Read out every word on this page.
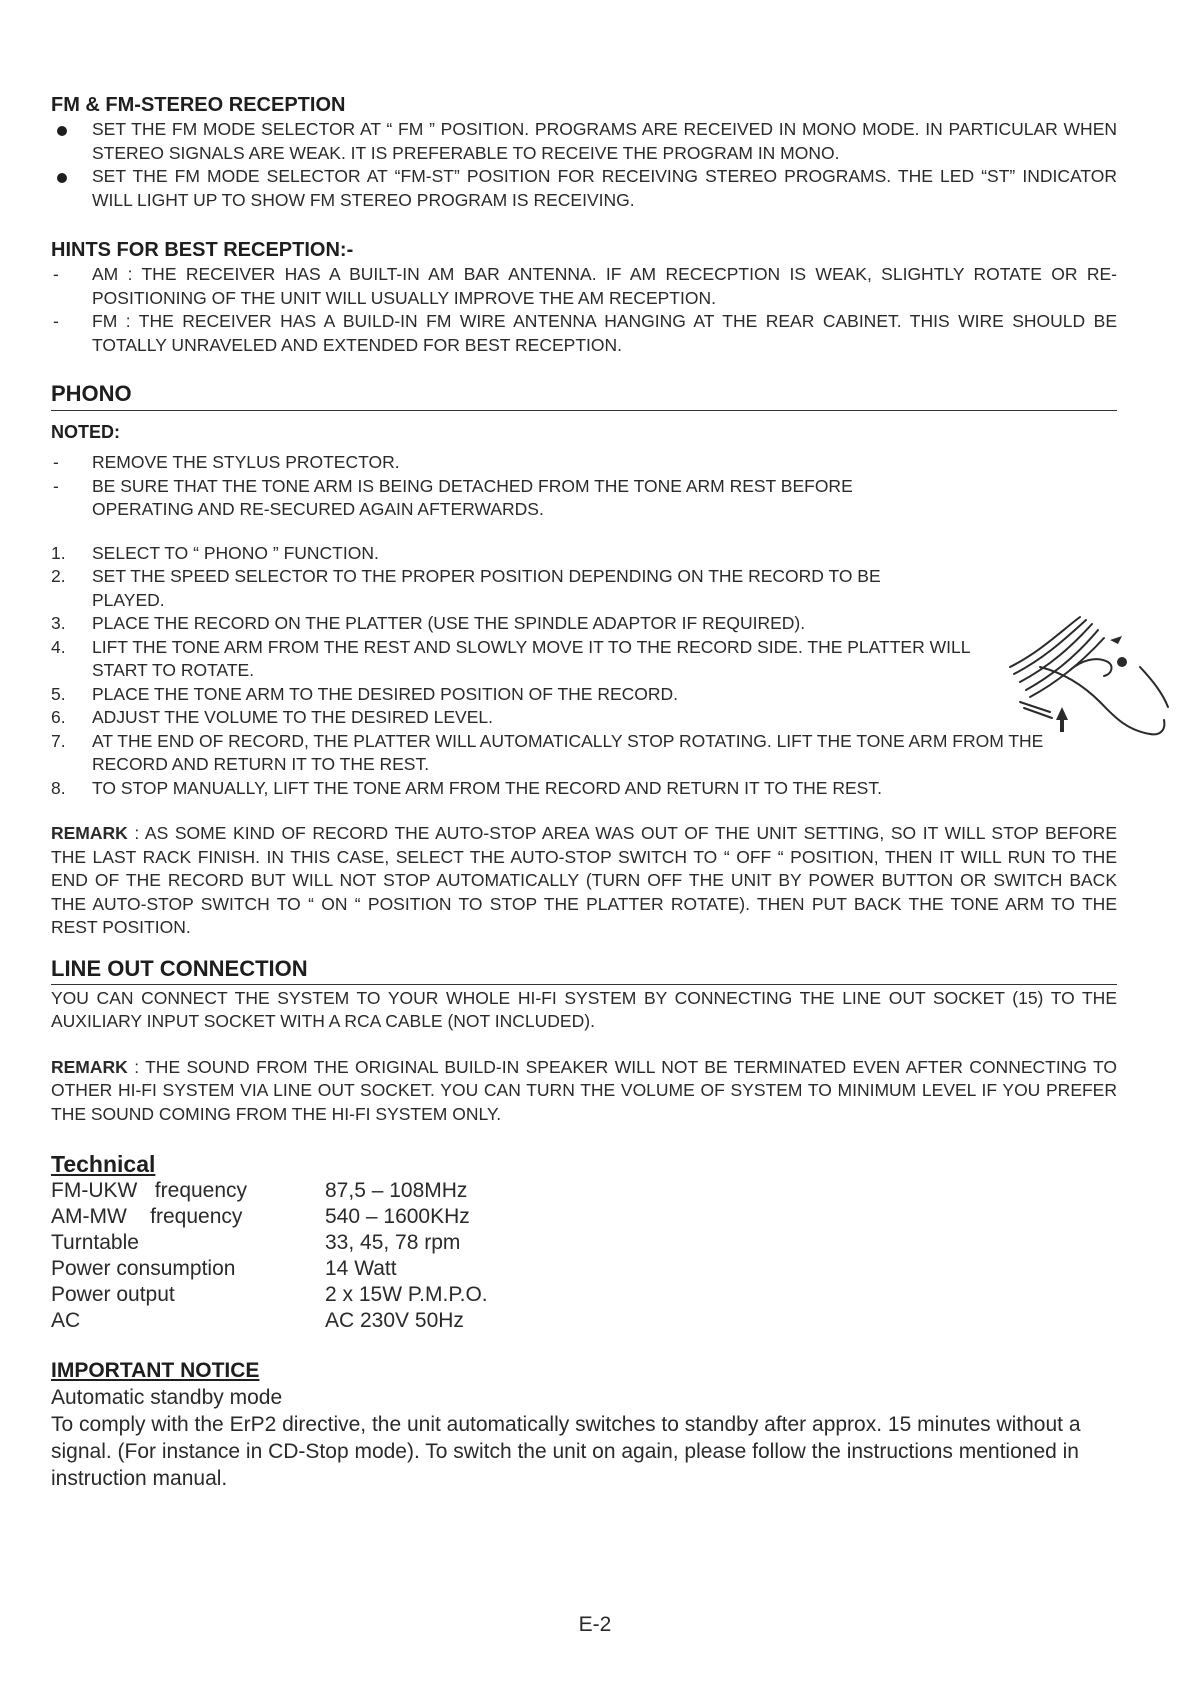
FM & FM-STEREO RECEPTION
SET THE FM MODE SELECTOR AT “ FM ” POSITION. PROGRAMS ARE RECEIVED IN MONO MODE. IN PARTICULAR WHEN STEREO SIGNALS ARE WEAK. IT IS PREFERABLE TO RECEIVE THE PROGRAM IN MONO.
SET THE FM MODE SELECTOR AT “FM-ST” POSITION FOR RECEIVING STEREO PROGRAMS. THE LED “ST” INDICATOR WILL LIGHT UP TO SHOW FM STEREO PROGRAM IS RECEIVING.
HINTS FOR BEST RECEPTION:-
-	AM : THE RECEIVER HAS A BUILT-IN AM BAR ANTENNA. IF AM RECECPTION IS WEAK, SLIGHTLY ROTATE OR RE-POSITIONING OF THE UNIT WILL USUALLY IMPROVE THE AM RECEPTION.
-	FM : THE RECEIVER HAS A BUILD-IN FM WIRE ANTENNA HANGING AT THE REAR CABINET. THIS WIRE SHOULD BE TOTALLY UNRAVELED AND EXTENDED FOR BEST RECEPTION.
PHONO
NOTED:
-	REMOVE THE STYLUS PROTECTOR.
-	BE SURE THAT THE TONE ARM IS BEING DETACHED FROM THE TONE ARM REST BEFORE OPERATING AND RE-SECURED AGAIN AFTERWARDS.
1.	SELECT TO “ PHONO ” FUNCTION.
2.	SET THE SPEED SELECTOR TO THE PROPER POSITION DEPENDING ON THE RECORD TO BE PLAYED.
3.	PLACE THE RECORD ON THE PLATTER (USE THE SPINDLE ADAPTOR IF REQUIRED).
4.	LIFT THE TONE ARM FROM THE REST AND SLOWLY MOVE IT TO THE RECORD SIDE. THE PLATTER WILL START TO ROTATE.
5.	PLACE THE TONE ARM TO THE DESIRED POSITION OF THE RECORD.
6.	ADJUST THE VOLUME TO THE DESIRED LEVEL.
7.	AT THE END OF RECORD, THE PLATTER WILL AUTOMATICALLY STOP ROTATING. LIFT THE TONE ARM FROM THE RECORD AND RETURN IT TO THE REST.
8.	TO STOP MANUALLY, LIFT THE TONE ARM FROM THE RECORD AND RETURN IT TO THE REST.

REMARK : AS SOME KIND OF RECORD THE AUTO-STOP AREA WAS OUT OF THE UNIT SETTING, SO IT WILL STOP BEFORE THE LAST RACK FINISH. IN THIS CASE, SELECT THE AUTO-STOP SWITCH TO “ OFF “ POSITION, THEN IT WILL RUN TO THE END OF THE RECORD BUT WILL NOT STOP AUTOMATICALLY (TURN OFF THE UNIT BY POWER BUTTON OR SWITCH BACK THE AUTO-STOP SWITCH TO “ ON “ POSITION TO STOP THE PLATTER ROTATE). THEN PUT BACK THE TONE ARM TO THE REST POSITION.

LINE OUT CONNECTION

YOU CAN CONNECT THE SYSTEM TO YOUR WHOLE HI-FI SYSTEM BY CONNECTING THE LINE OUT SOCKET (15) TO THE AUXILIARY INPUT SOCKET WITH A RCA CABLE (NOT INCLUDED).

REMARK : THE SOUND FROM THE ORIGINAL BUILD-IN SPEAKER WILL NOT BE TERMINATED EVEN AFTER CONNECTING TO OTHER HI-FI SYSTEM VIA LINE OUT SOCKET. YOU CAN TURN THE VOLUME OF SYSTEM TO MINIMUM LEVEL IF YOU PREFER THE SOUND COMING FROM THE HI-FI SYSTEM ONLY.

Technical
FM-UKW   frequency	87,5 – 108MHz
AM-MW    frequency	540 – 1600KHz
Turntable	33, 45, 78 rpm
Power consumption	14 Watt
Power output	2 x 15W P.M.P.O.
AC	AC 230V 50Hz
IMPORTANT NOTICE
Automatic standby mode
To comply with the ErP2 directive, the unit automatically switches to standby after approx. 15 minutes without a signal. (For instance in CD-Stop mode). To switch the unit on again, please follow the instructions mentioned in instruction manual.
E-2
